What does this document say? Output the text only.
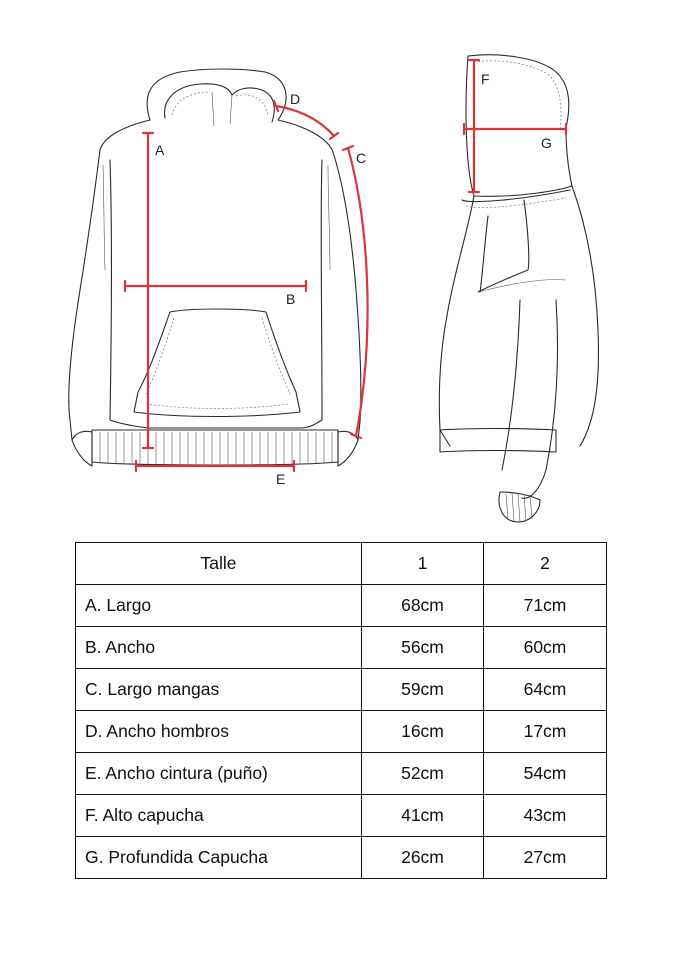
A
B
C
D
E
F
G
Talle	1	2
A. Largo	68cm	71cm
B. Ancho	56cm	60cm
C. Largo mangas	59cm	64cm
D. Ancho hombros	16cm	17cm
E. Ancho cintura (puño)	52cm	54cm
F. Alto capucha	41cm	43cm
G. Profundida Capucha	26cm	27cm
